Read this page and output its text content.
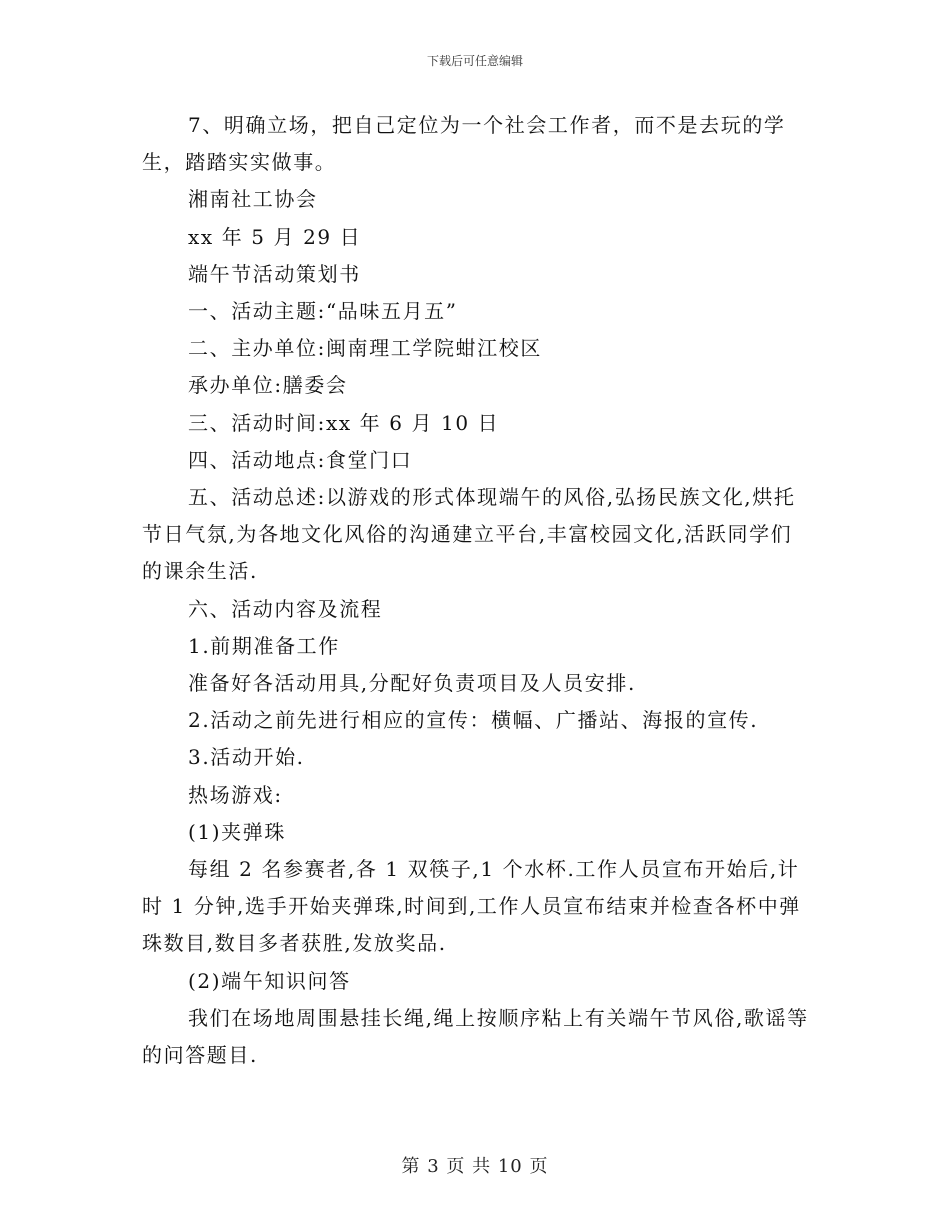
下载后可任意编辑

7、明确立场，把自己定位为一个社会工作者，而不是去玩的学生，踏踏实实做事。

湘南社工协会

xx 年 5 月 29 日

端午节活动策划书

一、活动主题:“品味五月五”

二、主办单位:闽南理工学院蚶江校区

承办单位:膳委会

三、活动时间:xx 年 6 月 10 日

四、活动地点:食堂门口

五、活动总述:以游戏的形式体现端午的风俗,弘扬民族文化,烘托节日气氛,为各地文化风俗的沟通建立平台,丰富校园文化,活跃同学们的课余生活.

六、活动内容及流程

1.前期准备工作

准备好各活动用具,分配好负责项目及人员安排.

2.活动之前先进行相应的宣传：横幅、广播站、海报的宣传.

3.活动开始.

热场游戏:

(1)夹弹珠

每组 2 名参赛者,各 1 双筷子,1 个水杯.工作人员宣布开始后,计时 1 分钟,选手开始夹弹珠,时间到,工作人员宣布结束并检查各杯中弹珠数目,数目多者获胜,发放奖品.

(2)端午知识问答

我们在场地周围悬挂长绳,绳上按顺序粘上有关端午节风俗,歌谣等的问答题目.

第 3 页 共 10 页
